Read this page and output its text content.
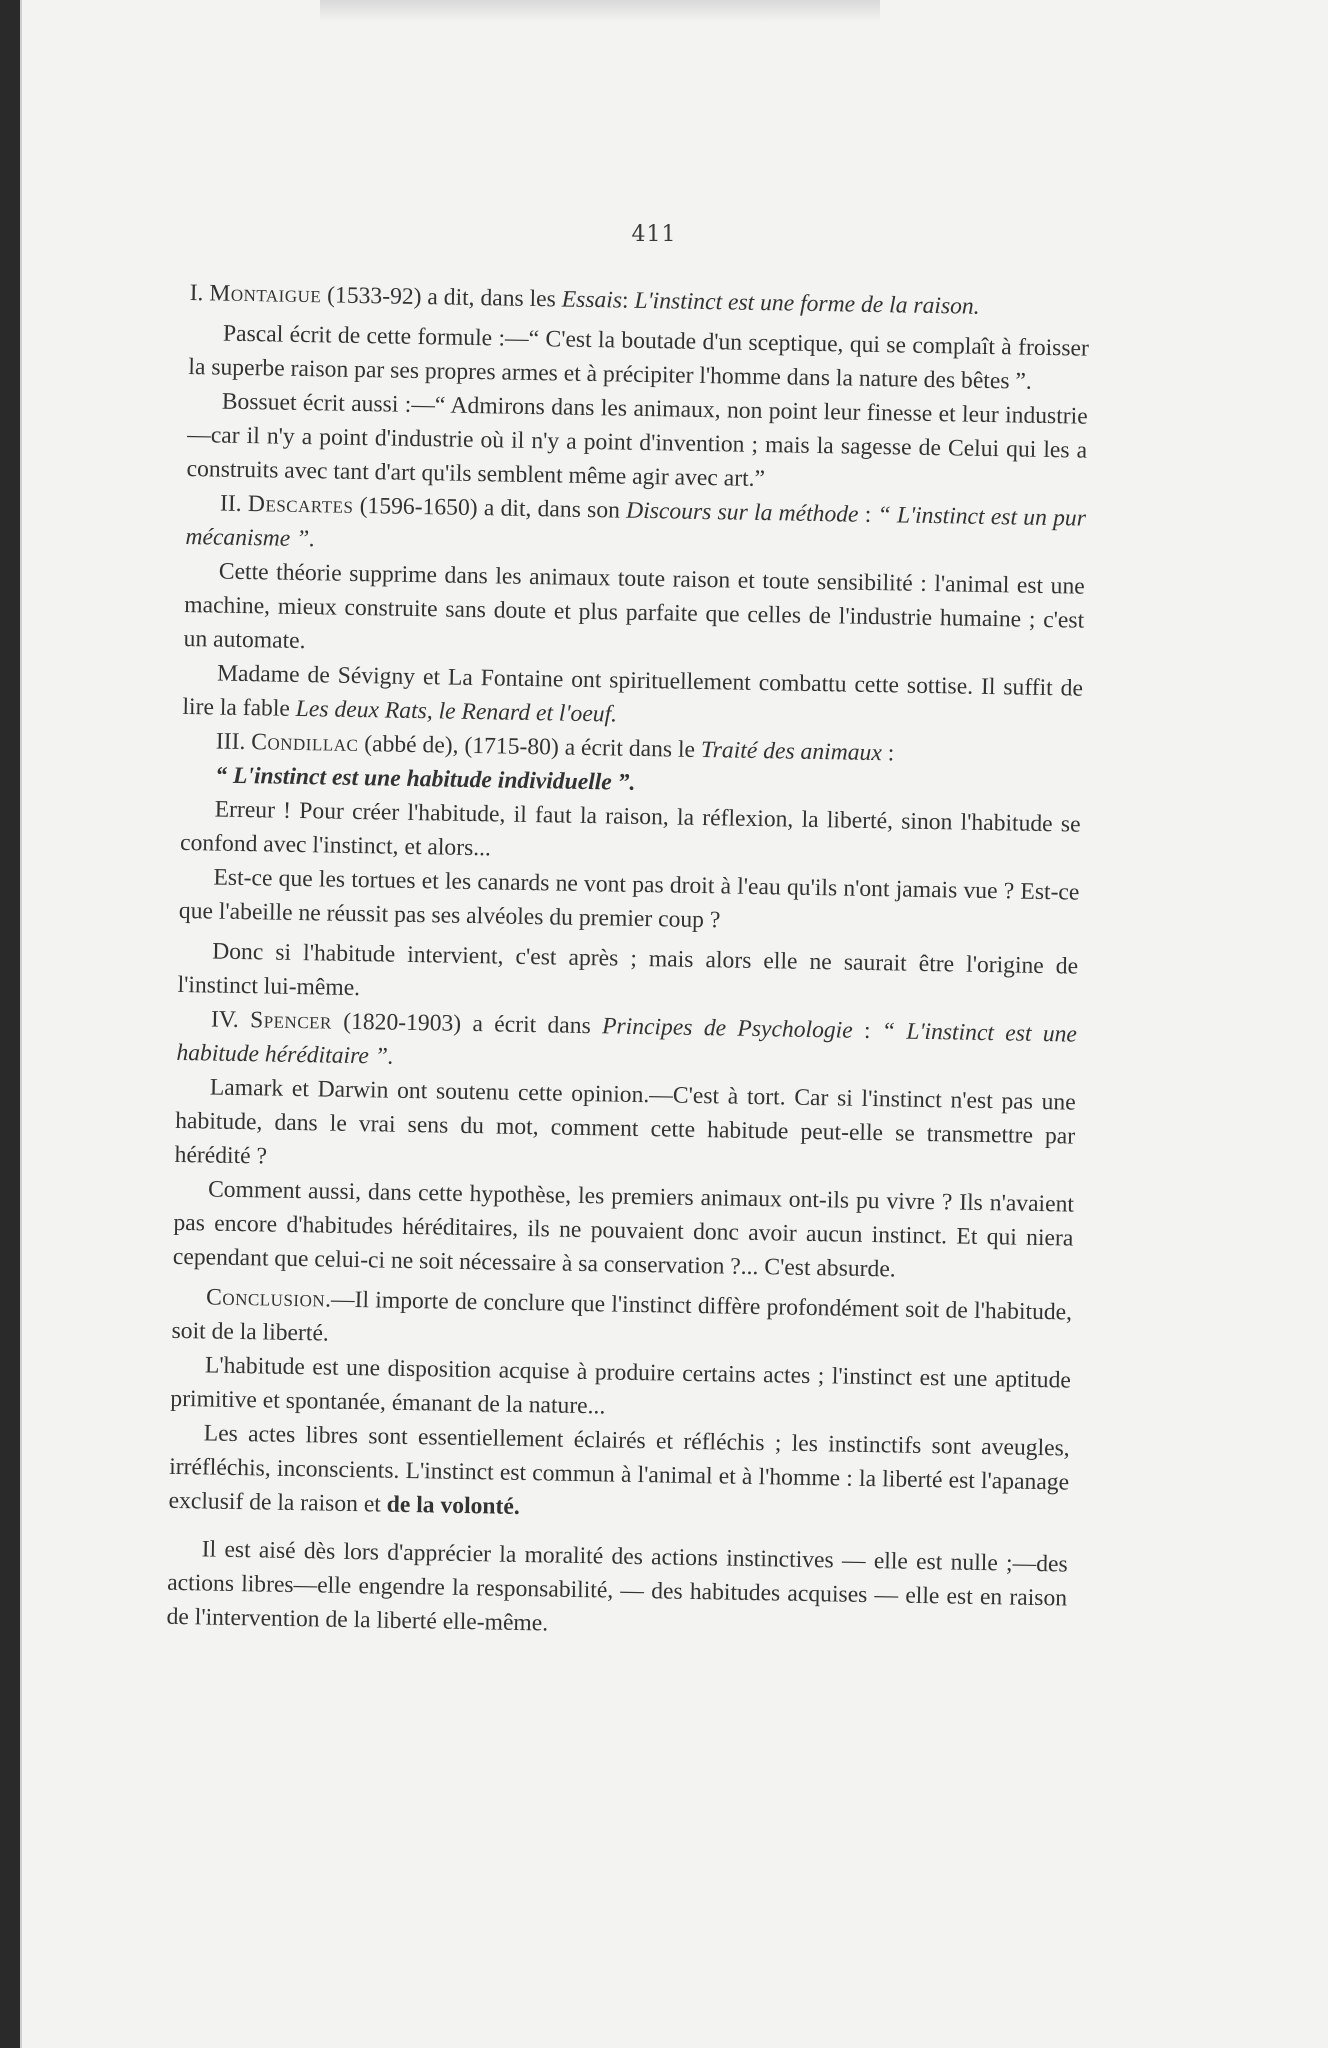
411

I. Montaigue (1533-92) a dit, dans les Essais: L'instinct est une forme de la raison.

Pascal écrit de cette formule :—“ C'est la boutade d'un sceptique, qui se complaît à froisser la superbe raison par ses propres armes et à précipiter l'homme dans la nature des bêtes ”.

Bossuet écrit aussi :—“ Admirons dans les animaux, non point leur finesse et leur industrie—car il n'y a point d'industrie où il n'y a point d'invention ; mais la sagesse de Celui qui les a construits avec tant d'art qu'ils semblent même agir avec art.”

II. Descartes (1596-1650) a dit, dans son Discours sur la méthode : “ L'instinct est un pur mécanisme ”.

Cette théorie supprime dans les animaux toute raison et toute sensibilité : l'animal est une machine, mieux construite sans doute et plus parfaite que celles de l'industrie humaine ; c'est un automate.

Madame de Sévigny et La Fontaine ont spirituellement combattu cette sottise. Il suffit de lire la fable Les deux Rats, le Renard et l'oeuf.

III. Condillac (abbé de), (1715-80) a écrit dans le Traité des animaux :

“ L'instinct est une habitude individuelle ”.

Erreur ! Pour créer l'habitude, il faut la raison, la réflexion, la liberté, sinon l'habitude se confond avec l'instinct, et alors...

Est-ce que les tortues et les canards ne vont pas droit à l'eau qu'ils n'ont jamais vue ? Est-ce que l'abeille ne réussit pas ses alvéoles du premier coup ?

Donc si l'habitude intervient, c'est après ; mais alors elle ne saurait être l'origine de l'instinct lui-même.

IV. Spencer (1820-1903) a écrit dans Principes de Psychologie : “ L'instinct est une habitude héréditaire ”.

Lamark et Darwin ont soutenu cette opinion.—C'est à tort. Car si l'instinct n'est pas une habitude, dans le vrai sens du mot, comment cette habitude peut-elle se transmettre par hérédité ?

Comment aussi, dans cette hypothèse, les premiers animaux ont-ils pu vivre ? Ils n'avaient pas encore d'habitudes héréditaires, ils ne pouvaient donc avoir aucun instinct. Et qui niera cependant que celui-ci ne soit nécessaire à sa conservation ?... C'est absurde.

Conclusion.—Il importe de conclure que l'instinct diffère profondément soit de l'habitude, soit de la liberté.

L'habitude est une disposition acquise à produire certains actes ; l'instinct est une aptitude primitive et spontanée, émanant de la nature...

Les actes libres sont essentiellement éclairés et réfléchis ; les instinctifs sont aveugles, irréfléchis, inconscients. L'instinct est commun à l'animal et à l'homme : la liberté est l'apanage exclusif de la raison et de la volonté.

Il est aisé dès lors d'apprécier la moralité des actions instinctives — elle est nulle ;—des actions libres—elle engendre la responsabilité, — des habitudes acquises — elle est en raison de l'intervention de la liberté elle-même.
